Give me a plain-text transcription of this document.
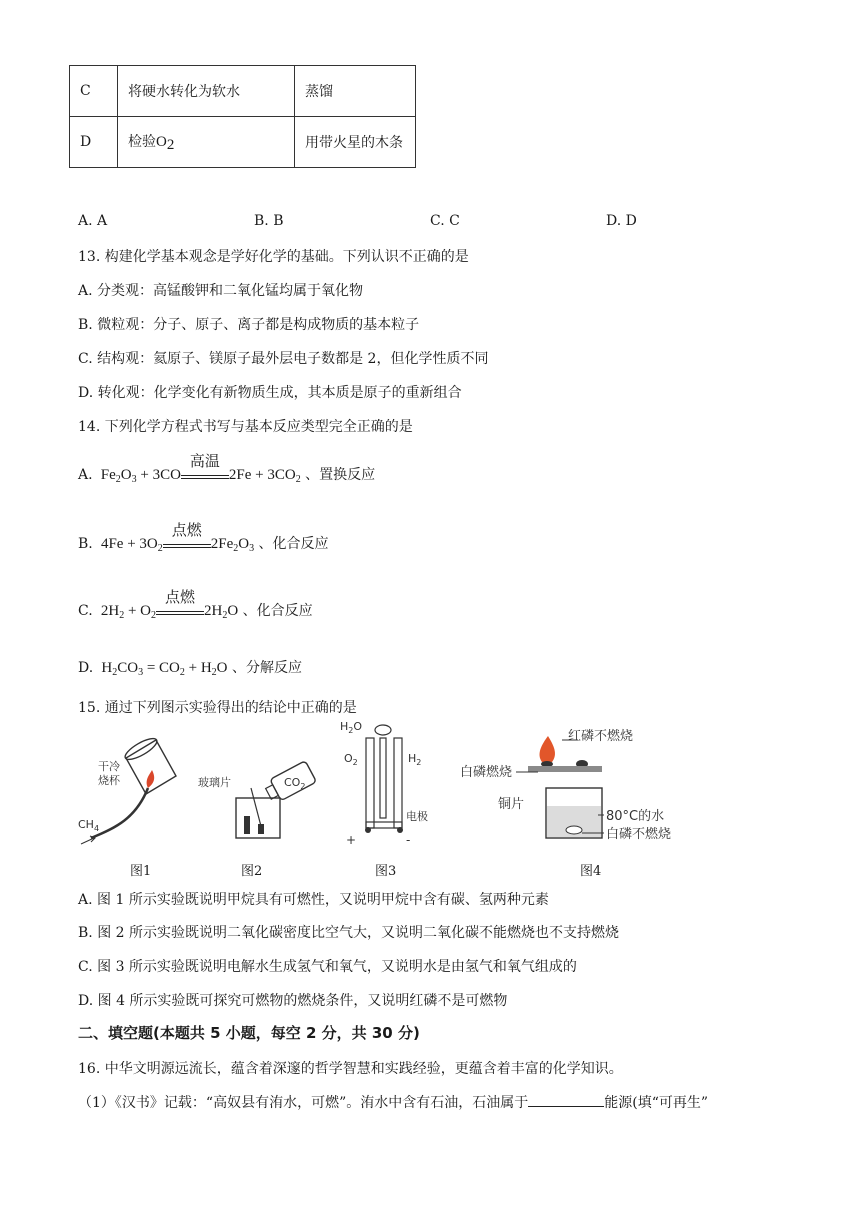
C	将硬水转化为软水	蒸馏
D	检验O2	用带火星的木条
A. A	B. B	C. C	D. D
13. 构建化学基本观念是学好化学的基础。下列认识不正确的是
A. 分类观：高锰酸钾和二氧化锰均属于氧化物
B. 微粒观：分子、原子、离子都是构成物质的基本粒子
C. 结构观：氦原子、镁原子最外层电子数都是 2，但化学性质不同
D. 转化观：化学变化有新物质生成，其本质是原子的重新组合
14. 下列化学方程式书写与基本反应类型完全正确的是
A.  $Fe_2O_3 + 3CO$
高温
$2Fe + 3CO_2$ 、置换反应
B.  $4Fe + 3O_2$
点燃
$2Fe_2O_3$ 、化合反应
C.  $2H_2 + O_2$
点燃
$2H_2O$ 、化合反应
D.  $H_2CO_3 = CO_2 + H_2O$ 、分解反应
15. 通过下列图示实验得出的结论中正确的是
干冷
烧杯
$CH_4$
玻璃片	$CO_2$
$H_2O$
$O_2$	$H_2$
电极
+	-
红磷不燃烧
白磷燃烧
铜片
80°C的水
白磷不燃烧
图1	图2	图3	图4
A. 图 1 所示实验既说明甲烷具有可燃性，又说明甲烷中含有碳、氢两种元素
B. 图 2 所示实验既说明二氧化碳密度比空气大，又说明二氧化碳不能燃烧也不支持燃烧
C. 图 3 所示实验既说明电解水生成氢气和氧气，又说明水是由氢气和氧气组成的
D. 图 4 所示实验既可探究可燃物的燃烧条件，又说明红磷不是可燃物
二、填空题(本题共 5 小题，每空 2 分，共 30 分)
16. 中华文明源远流长，蕴含着深邃的哲学智慧和实践经验，更蕴含着丰富的化学知识。
（1）《汉书》记载：“高奴县有洧水，可燃”。洧水中含有石油，石油属于	能源(填“可再生”
